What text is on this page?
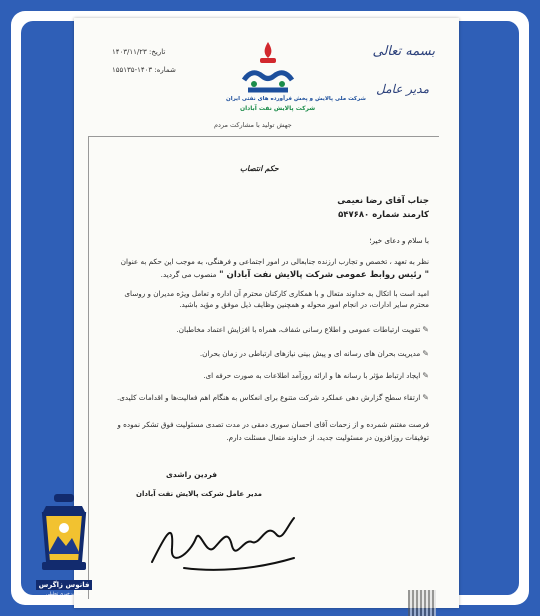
بسمه تعالی
مدیر عامل
شرکت ملی پالایش و پخش فرآورده های نفتی ایران
شرکت پالایش نفت آبادان
تاریخ: ۱۴۰۳/۱۱/۲۳
شماره: ۱۴۰۳-۱۵۵۱۳۵
جهش تولید با مشارکت مردم
حکم انتصاب
جناب آقای رضا نعیمی
کارمند شماره ۵۴۷۶۸۰
با سلام و دعای خیر؛
نظر به تعهد ، تخصص و تجارب ارزنده جنابعالی در امور اجتماعی و فرهنگی، به موجب این حکم به عنوان
" رئیس روابط عمومی شرکت پالایش نفت آبادان " منصوب می گردید.
امید است با اتکال به خداوند متعال و با همکاری کارکنان محترم آن اداره و تعامل ویژه مدیران و روسای محترم سایر ادارات، در انجام امور محوله و همچنین وظایف ذیل موفق و مؤید باشید.
✎
تقویت ارتباطات عمومی و اطلاع رسانی شفاف، همراه با افزایش اعتماد مخاطبان.
✎
مدیریت بحران های رسانه ای و پیش بینی نیازهای ارتباطی در زمان بحران.
✎
ایجاد ارتباط مؤثر با رسانه ها و ارائه روزآمد اطلاعات به صورت حرفه ای.
✎
ارتقاء سطح گزارش دهی عملکرد شرکت متنوع برای انعکاس به هنگام اهم فعالیت‌ها و اقدامات کلیدی.
فرصت مغتنم شمرده و از زحمات آقای احسان سوری دمقی در مدت تصدی مسئولیت فوق تشکر نموده و توفیقات روزافزون در مسئولیت جدید، از خداوند متعال مسئلت دارم.
فردین راشدی
مدیر عامل شرکت پالایش نفت آبادان
فانوس زاگرس
سایت خبری تحلیلی
